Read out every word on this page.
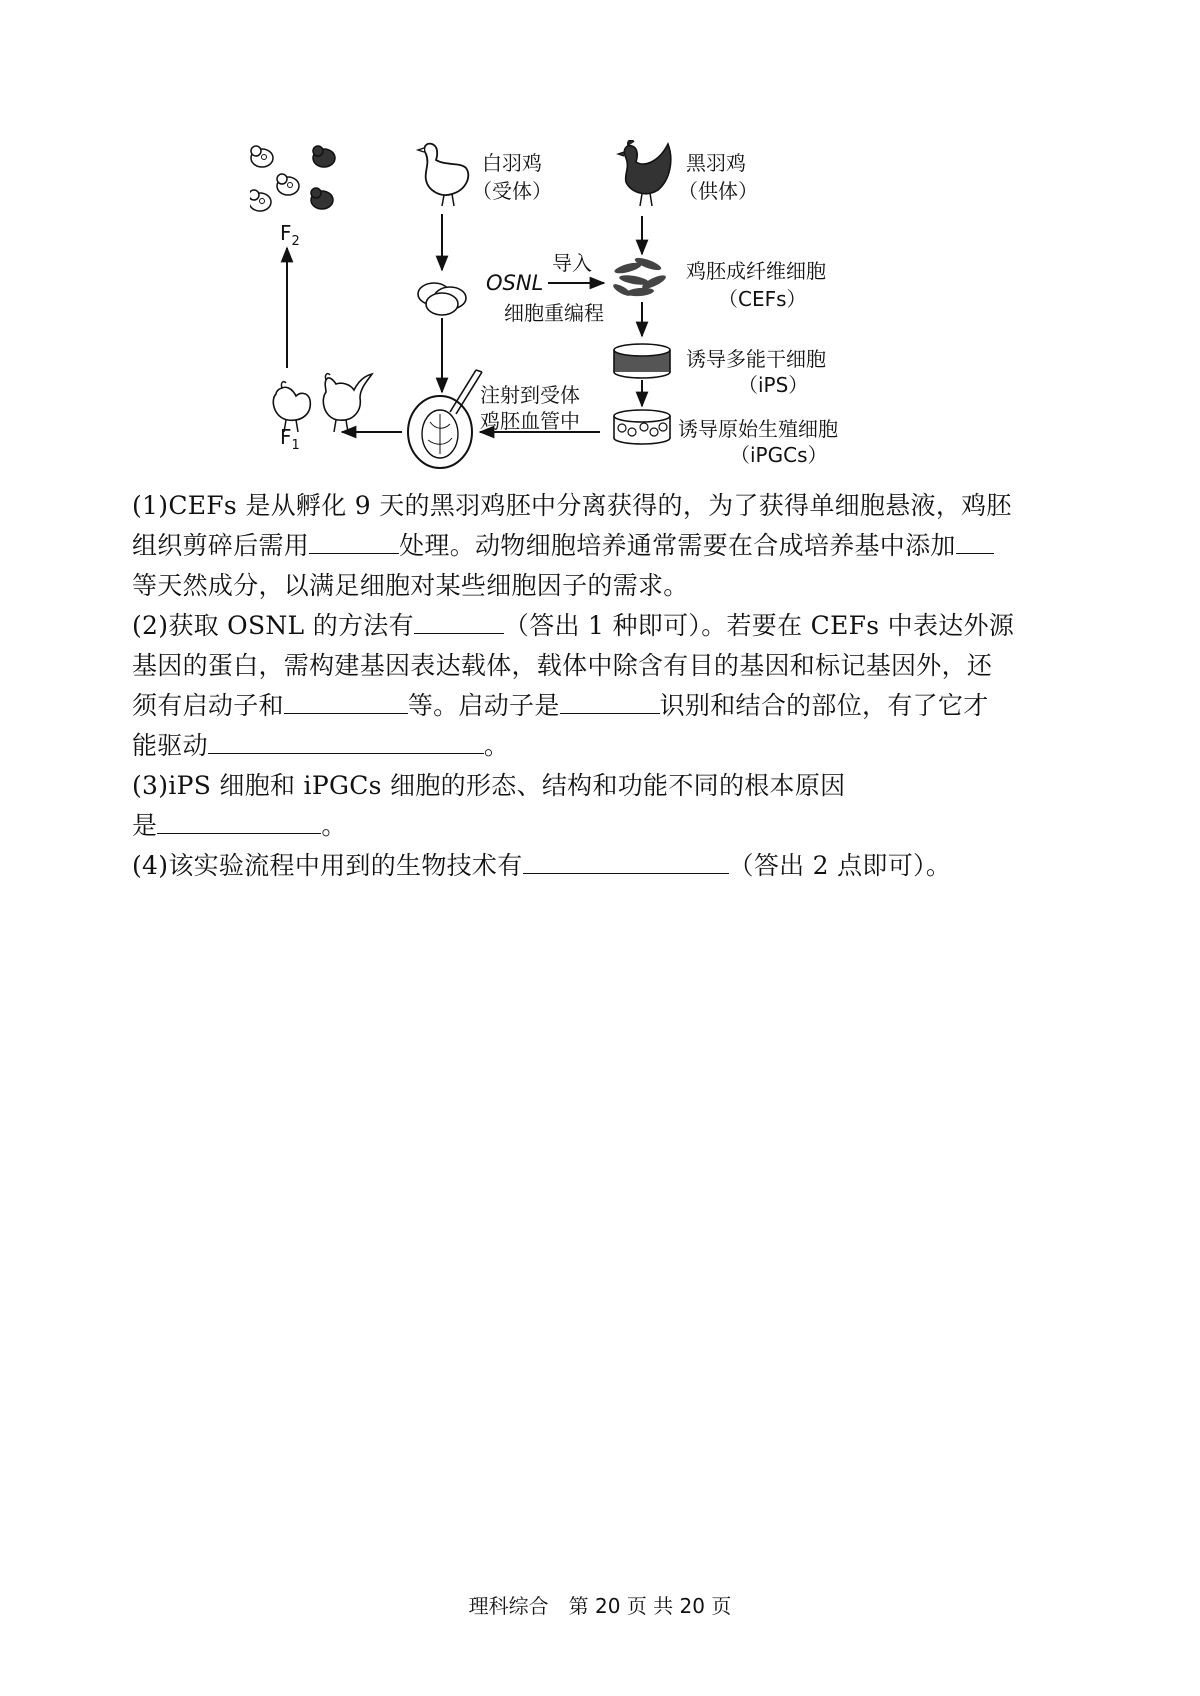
$F_2$
$F_1$
白羽鸡
（受体）
注射到受体
鸡胚血管中
OSNL
导入
细胞重编程
黑羽鸡
（供体）
鸡胚成纤维细胞
（CEFs）
诱导多能干细胞
（iPS）
诱导原始生殖细胞
（iPGCs）
(1)CEFs 是从孵化 9 天的黑羽鸡胚中分离获得的，为了获得单细胞悬液，鸡胚
组织剪碎后需用	处理。动物细胞培养通常需要在合成培养基中添加
等天然成分，以满足细胞对某些细胞因子的需求。
(2)获取 OSNL 的方法有	（答出 1 种即可）。若要在 CEFs 中表达外源
基因的蛋白，需构建基因表达载体，载体中除含有目的基因和标记基因外，还
须有启动子和	等。启动子是	识别和结合的部位，有了它才
能驱动	。
(3)iPS 细胞和 iPGCs 细胞的形态、结构和功能不同的根本原因
是	。
(4)该实验流程中用到的生物技术有	（答出 2 点即可）。
理科综合　第 20 页 共 20 页
